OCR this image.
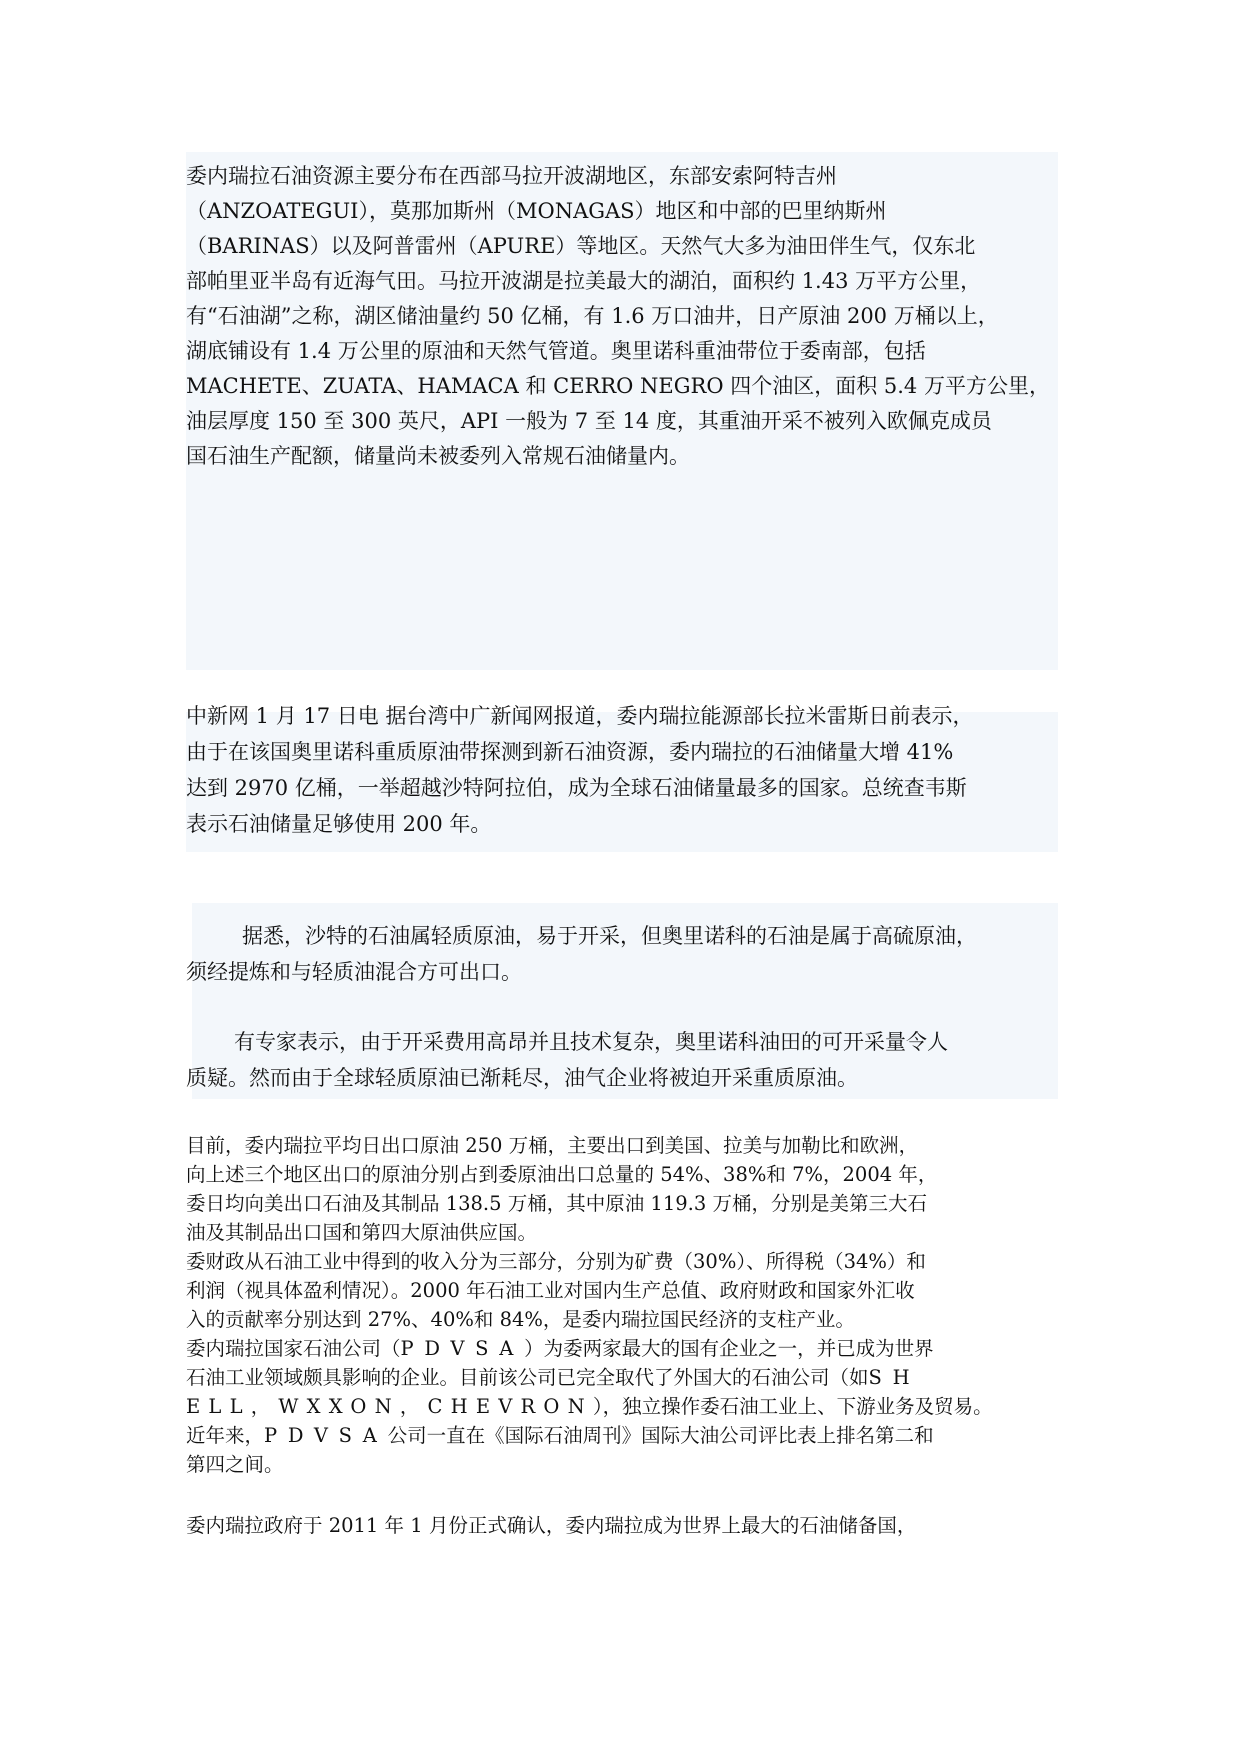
委内瑞拉石油资源主要分布在西部马拉开波湖地区，东部安索阿特吉州
（ANZOATEGUI），莫那加斯州（MONAGAS）地区和中部的巴里纳斯州
（BARINAS）以及阿普雷州（APURE）等地区。天然气大多为油田伴生气，仅东北
部帕里亚半岛有近海气田。马拉开波湖是拉美最大的湖泊，面积约 1.43 万平方公里，
有“石油湖”之称，湖区储油量约 50 亿桶，有 1.6 万口油井，日产原油 200 万桶以上，
湖底铺设有 1.4 万公里的原油和天然气管道。奥里诺科重油带位于委南部，包括
MACHETE、ZUATA、HAMACA 和 CERRO NEGRO 四个油区，面积 5.4 万平方公里，
油层厚度 150 至 300 英尺，API 一般为 7 至 14 度，其重油开采不被列入欧佩克成员
国石油生产配额，储量尚未被委列入常规石油储量内。
中新网 1 月 17 日电 据台湾中广新闻网报道，委内瑞拉能源部长拉米雷斯日前表示，
由于在该国奥里诺科重质原油带探测到新石油资源，委内瑞拉的石油储量大增 41%
达到 2970 亿桶，一举超越沙特阿拉伯，成为全球石油储量最多的国家。总统查韦斯
表示石油储量足够使用 200 年。
据悉，沙特的石油属轻质原油，易于开采，但奥里诺科的石油是属于高硫原油，
须经提炼和与轻质油混合方可出口。
有专家表示，由于开采费用高昂并且技术复杂，奥里诺科油田的可开采量令人
质疑。然而由于全球轻质原油已渐耗尽，油气企业将被迫开采重质原油。
目前，委内瑞拉平均日出口原油 250 万桶，主要出口到美国、拉美与加勒比和欧洲，
向上述三个地区出口的原油分别占到委原油出口总量的 54%、38%和 7%，2004 年，
委日均向美出口石油及其制品 138.5 万桶，其中原油 119.3 万桶，分别是美第三大石
油及其制品出口国和第四大原油供应国。
委财政从石油工业中得到的收入分为三部分，分别为矿费（30%）、所得税（34%）和
利润（视具体盈利情况）。2000 年石油工业对国内生产总值、政府财政和国家外汇收
入的贡献率分别达到 27%、40%和 84%，是委内瑞拉国民经济的支柱产业。
委内瑞拉国家石油公司（PDVSA）为委两家最大的国有企业之一，并已成为世界
石油工业领域颇具影响的企业。目前该公司已完全取代了外国大的石油公司（如SH
ELL，WXXON，CHEVRON），独立操作委石油工业上、下游业务及贸易。
近年来，PDVSA公司一直在《国际石油周刊》国际大油公司评比表上排名第二和
第四之间。
委内瑞拉政府于 2011 年 1 月份正式确认，委内瑞拉成为世界上最大的石油储备国，
